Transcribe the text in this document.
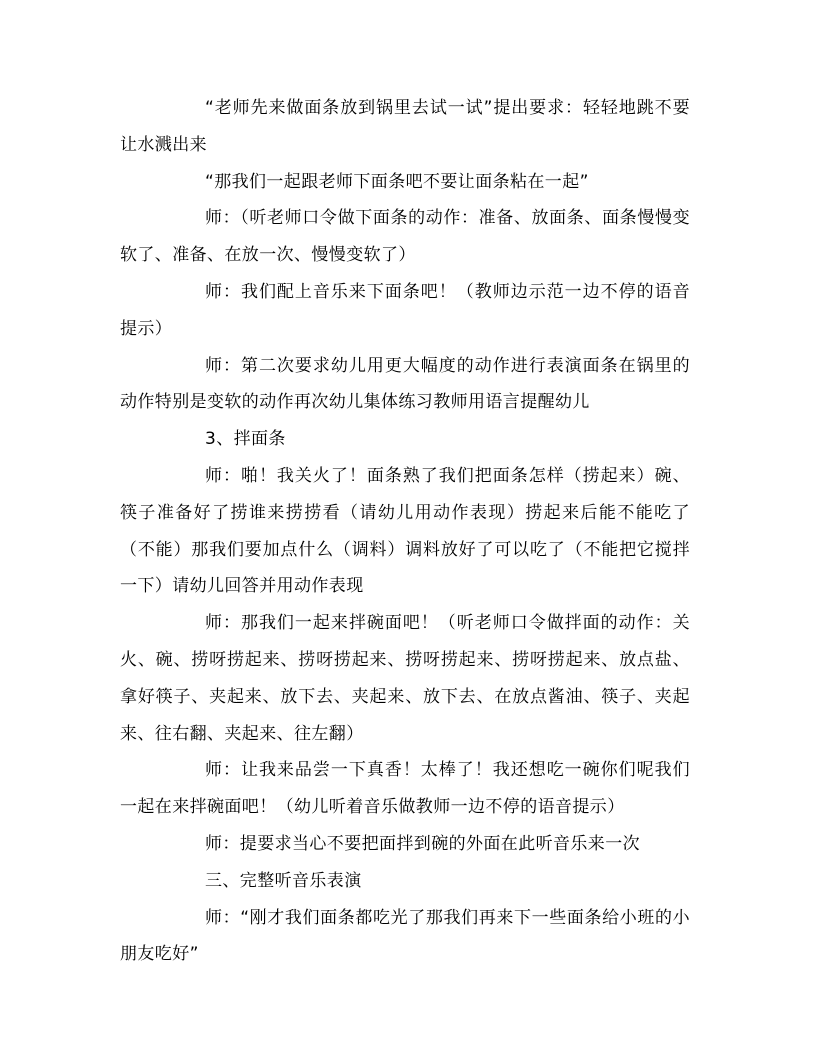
“老师先来做面条放到锅里去试一试”提出要求：轻轻地跳不要让水溅出来

“那我们一起跟老师下面条吧不要让面条粘在一起”

师：（听老师口令做下面条的动作：准备、放面条、面条慢慢变软了、准备、在放一次、慢慢变软了）

师：我们配上音乐来下面条吧！（教师边示范一边不停的语音提示）

师：第二次要求幼儿用更大幅度的动作进行表演面条在锅里的动作特别是变软的动作再次幼儿集体练习教师用语言提醒幼儿

3、拌面条

师：啪！我关火了！面条熟了我们把面条怎样（捞起来）碗、筷子准备好了捞谁来捞捞看（请幼儿用动作表现）捞起来后能不能吃了（不能）那我们要加点什么（调料）调料放好了可以吃了（不能把它搅拌一下）请幼儿回答并用动作表现

师：那我们一起来拌碗面吧！（听老师口令做拌面的动作：关火、碗、捞呀捞起来、捞呀捞起来、捞呀捞起来、捞呀捞起来、放点盐、拿好筷子、夹起来、放下去、夹起来、放下去、在放点酱油、筷子、夹起来、往右翻、夹起来、往左翻）

师：让我来品尝一下真香！太棒了！我还想吃一碗你们呢我们一起在来拌碗面吧！（幼儿听着音乐做教师一边不停的语音提示）

师：提要求当心不要把面拌到碗的外面在此听音乐来一次

三、完整听音乐表演

师：“刚才我们面条都吃光了那我们再来下一些面条给小班的小朋友吃好”
